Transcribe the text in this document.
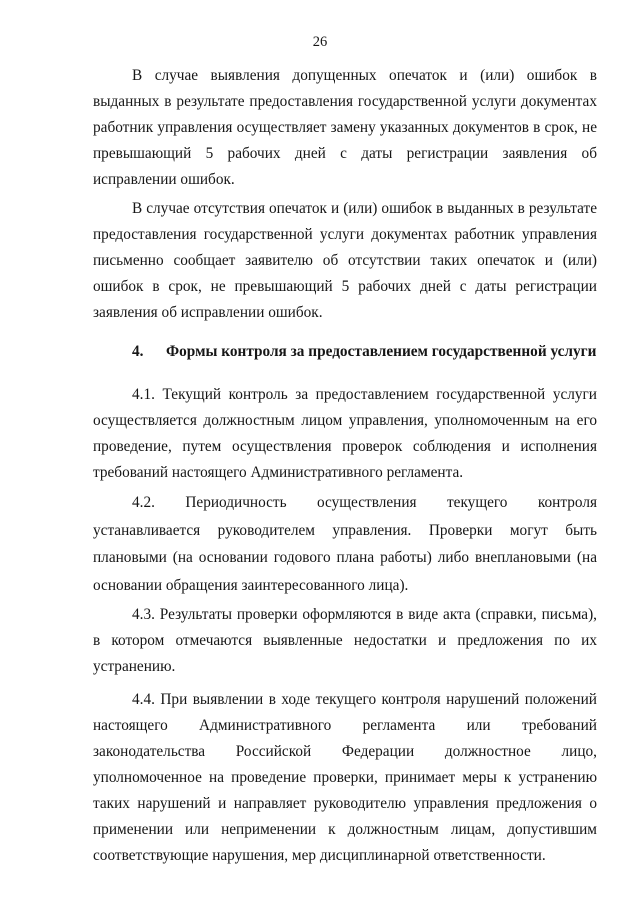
26

В случае выявления допущенных опечаток и (или) ошибок в выданных в результате предоставления государственной услуги документах работник управления осуществляет замену указанных документов в срок, не превышающий 5 рабочих дней с даты регистрации заявления об исправлении ошибок.

В случае отсутствия опечаток и (или) ошибок в выданных в результате предоставления государственной услуги документах работник управления письменно сообщает заявителю об отсутствии таких опечаток и (или) ошибок в срок, не превышающий 5 рабочих дней с даты регистрации заявления об исправлении ошибок.

4.	Формы контроля за предоставлением государственной услуги

4.1. Текущий контроль за предоставлением государственной услуги осуществляется должностным лицом управления, уполномоченным на его проведение, путем осуществления проверок соблюдения и исполнения требований настоящего Административного регламента.

4.2. Периодичность осуществления текущего контроля устанавливается руководителем управления. Проверки могут быть плановыми (на основании годового плана работы) либо внеплановыми (на основании обращения заинтересованного лица).

4.3. Результаты проверки оформляются в виде акта (справки, письма), в котором отмечаются выявленные недостатки и предложения по их устранению.

4.4. При выявлении в ходе текущего контроля нарушений положений настоящего Административного регламента или требований законодательства Российской Федерации должностное лицо, уполномоченное на проведение проверки, принимает меры к устранению таких нарушений и направляет руководителю управления предложения о применении или неприменении к должностным лицам, допустившим соответствующие нарушения, мер дисциплинарной ответственности.
